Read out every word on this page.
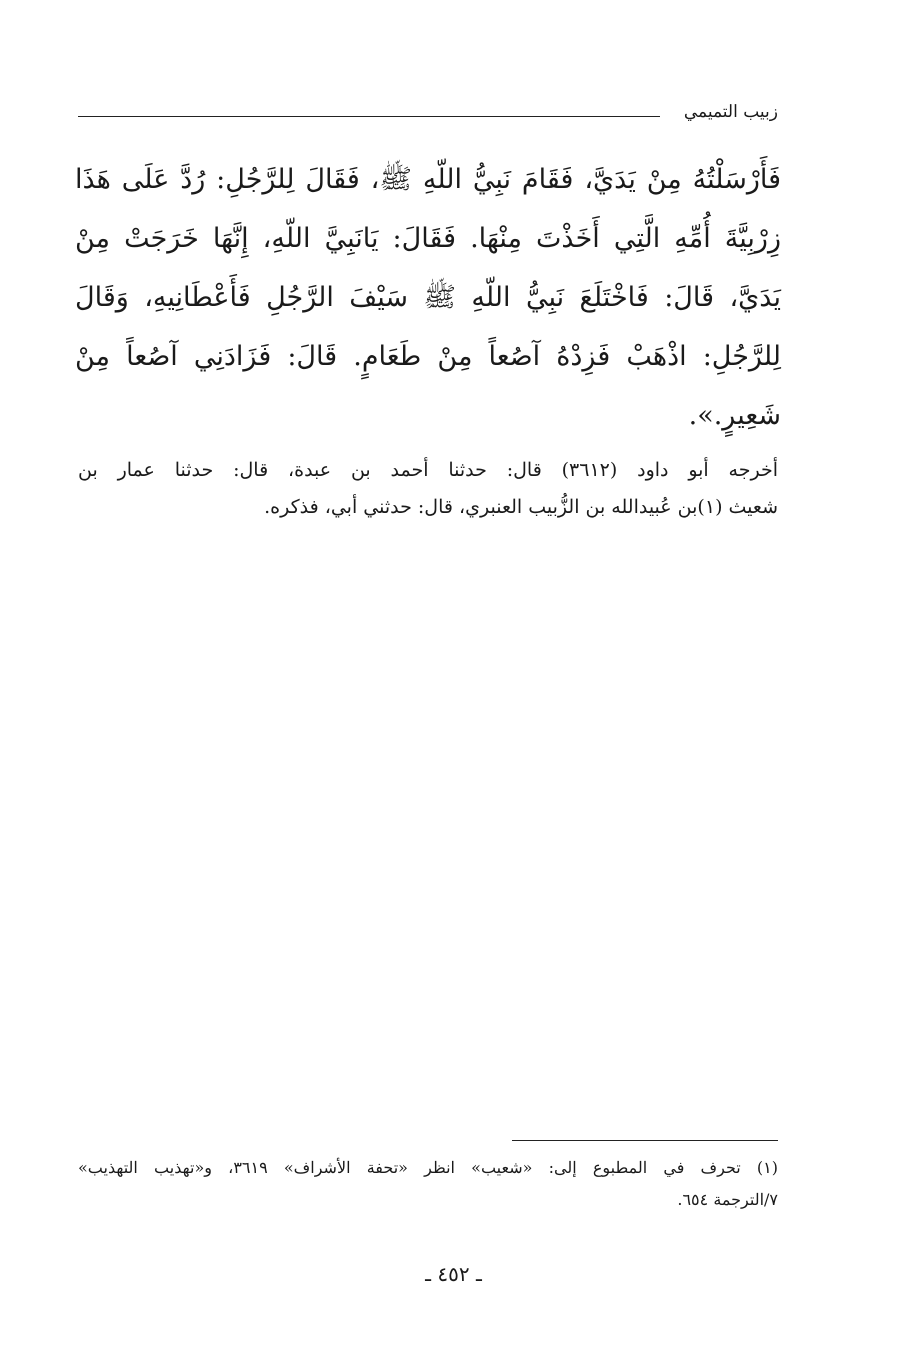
زبيب التميمي
فَأَرْسَلْتُهُ مِنْ يَدَيَّ، فَقَامَ نَبِيُّ اللّهِ ﷺ، فَقَالَ لِلرَّجُلِ: رُدَّ عَلَى هَذَا
زِرْبِيَّةَ أُمِّهِ الَّتِي أَخَذْتَ مِنْهَا. فَقَالَ: يَانَبِيَّ اللّهِ، إِنَّهَا خَرَجَتْ مِنْ
يَدَيَّ، قَالَ: فَاخْتَلَعَ نَبِيُّ اللّهِ ﷺ سَيْفَ الرَّجُلِ فَأَعْطَانِيهِ، وَقَالَ
لِلرَّجُلِ: اذْهَبْ فَزِدْهُ آصُعاً مِنْ طَعَامٍ. قَالَ: فَزَادَنِي آصُعاً مِنْ
شَعِيرٍ.».
أخرجه أبو داود (٣٦١٢) قال: حدثنا أحمد بن عبدة، قال: حدثنا عمار بن
شعيث (١)بن عُبيدالله بن الزُّبيب العنبري، قال: حدثني أبي، فذكره.
(١) تحرف في المطبوع إلى: «شعيب» انظر «تحفة الأشراف» ٣٦١٩، و«تهذيب التهذيب»
٧/الترجمة ٦٥٤.
ـ ٤٥٢ ـ
